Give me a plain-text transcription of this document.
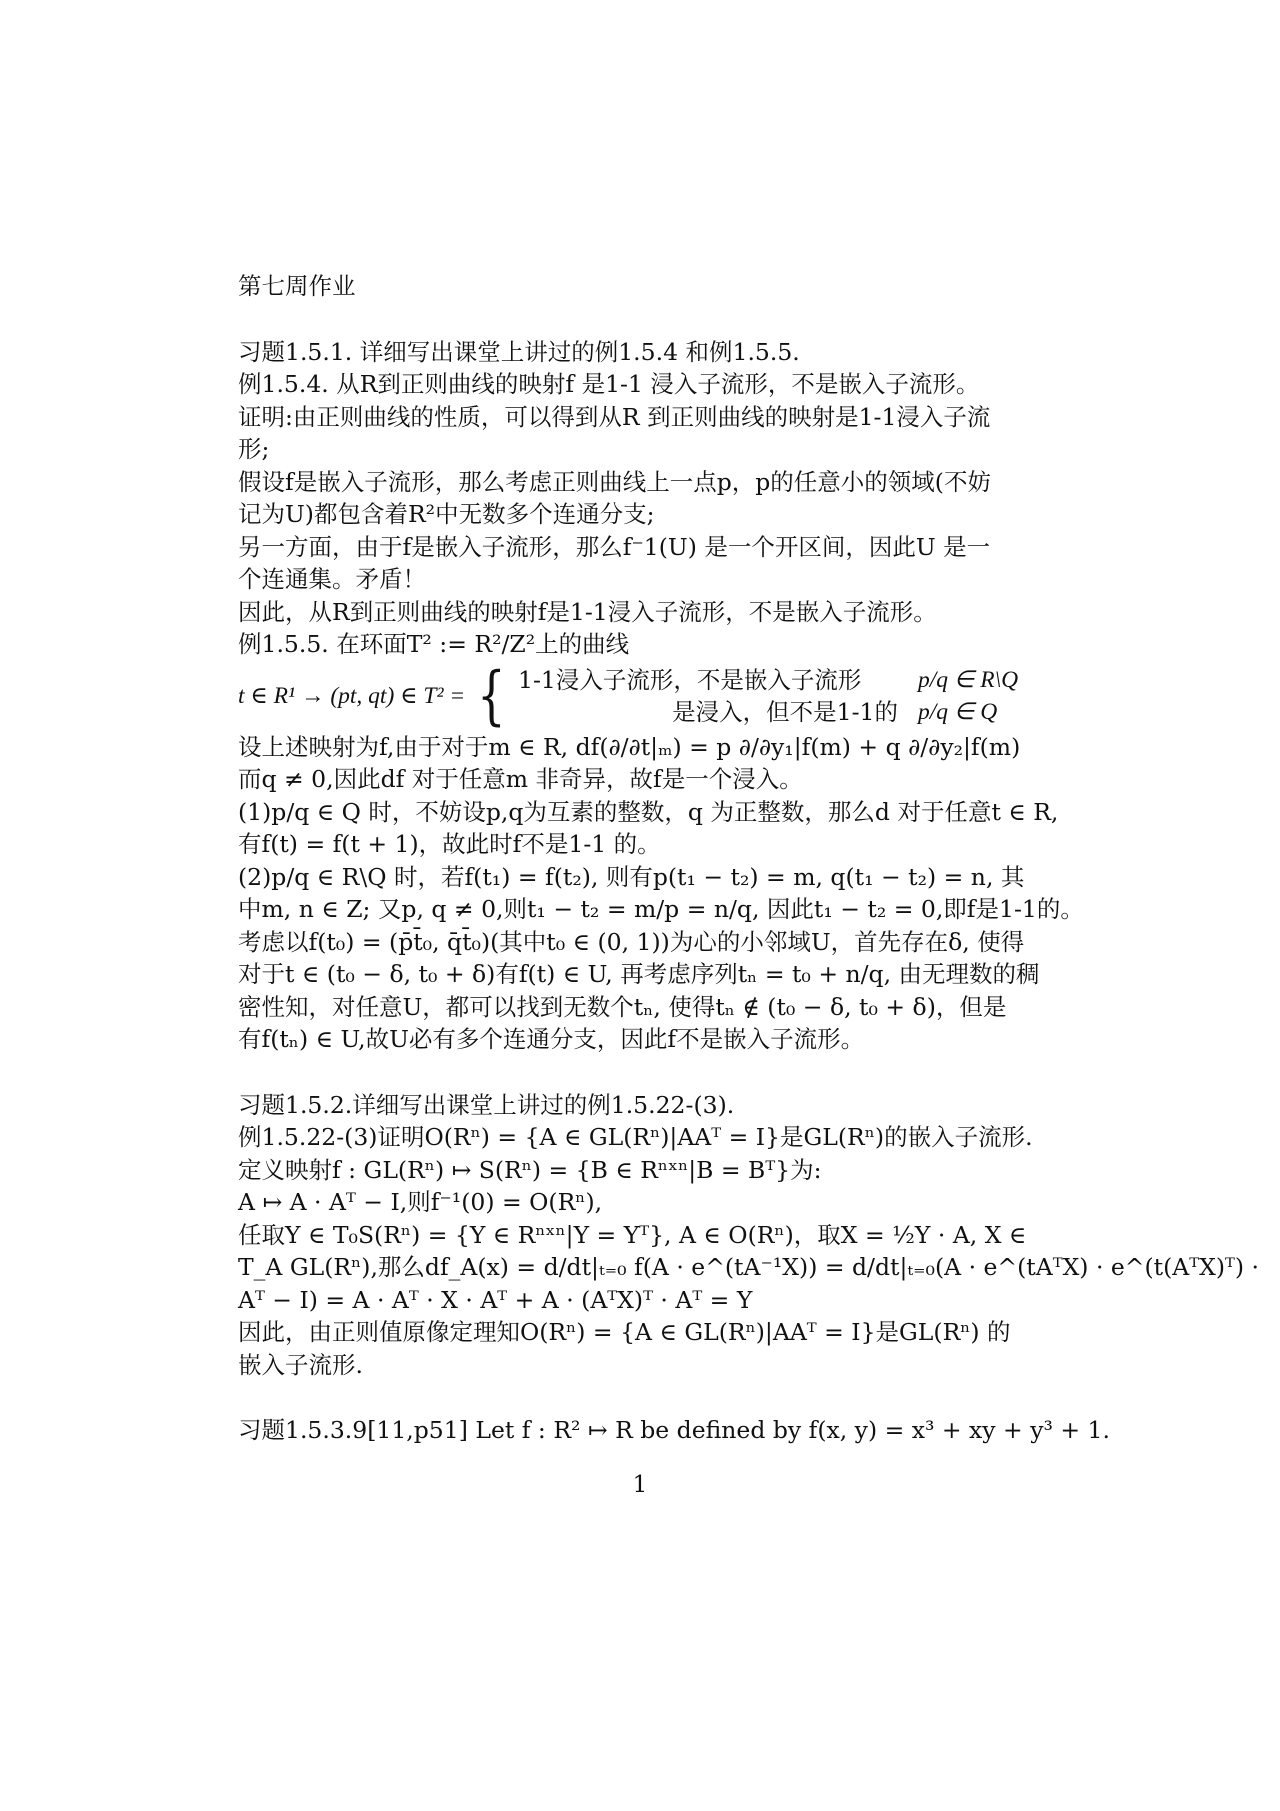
第七周作业
习题1.5.1. 详细写出课堂上讲过的例1.5.4 和例1.5.5.
例1.5.4. 从R到正则曲线的映射f 是1-1 浸入子流形，不是嵌入子流形。
证明:由正则曲线的性质，可以得到从R 到正则曲线的映射是1-1浸入子流
形;
假设f是嵌入子流形，那么考虑正则曲线上一点p，p的任意小的领域(不妨
记为U)都包含着R²中无数多个连通分支;
另一方面，由于f是嵌入子流形，那么f⁻1(U) 是一个开区间，因此U 是一
个连通集。矛盾！
因此，从R到正则曲线的映射f是1-1浸入子流形，不是嵌入子流形。
例1.5.5. 在环面T² := R²/Z²上的曲线
t ∈ R¹ → (pt, qt) ∈ T² = { 1-1浸入子流形，不是嵌入子流形	p/q ∈ R\Q
是浸入，但不是1-1的 p/q ∈ Q
设上述映射为f,由于对于m ∈ R, df(∂/∂t|ₘ) = p ∂/∂y₁|f(m) + q ∂/∂y₂|f(m)
而q ≠ 0,因此df 对于任意m 非奇异，故f是一个浸入。
(1)p/q ∈ Q 时，不妨设p,q为互素的整数，q 为正整数，那么d 对于任意t ∈ R,
有f(t) = f(t + 1)，故此时f不是1-1 的。
(2)p/q ∈ R\Q 时，若f(t₁) = f(t₂), 则有p(t₁ − t₂) = m, q(t₁ − t₂) = n, 其
中m, n ∈ Z; 又p, q ≠ 0,则t₁ − t₂ = m/p = n/q, 因此t₁ − t₂ = 0,即f是1-1的。
考虑以f(t₀) = (p̄t̄₀, q̄t̄₀)(其中t₀ ∈ (0, 1))为心的小邻域U，首先存在δ, 使得
对于t ∈ (t₀ − δ, t₀ + δ)有f(t) ∈ U, 再考虑序列tₙ = t₀ + n/q, 由无理数的稠
密性知，对任意U，都可以找到无数个tₙ, 使得tₙ ∉ (t₀ − δ, t₀ + δ)，但是
有f(tₙ) ∈ U,故U必有多个连通分支，因此f不是嵌入子流形。
习题1.5.2.详细写出课堂上讲过的例1.5.22-(3).
例1.5.22-(3)证明O(Rⁿ) = {A ∈ GL(Rⁿ)|AAᵀ = I}是GL(Rⁿ)的嵌入子流形.
定义映射f : GL(Rⁿ) ↦ S(Rⁿ) = {B ∈ Rⁿˣⁿ|B = Bᵀ}为:
A ↦ A · Aᵀ − I,则f⁻¹(0) = O(Rⁿ),
任取Y ∈ T₀S(Rⁿ) = {Y ∈ Rⁿˣⁿ|Y = Yᵀ}, A ∈ O(Rⁿ)，取X = ½Y · A, X ∈
T_A GL(Rⁿ),那么df_A(x) = d/dt|ₜ₌₀ f(A · e^(tA⁻¹X)) = d/dt|ₜ₌₀(A · e^(tAᵀX) · e^(t(AᵀX)ᵀ) ·
Aᵀ − I) = A · Aᵀ · X · Aᵀ + A · (AᵀX)ᵀ · Aᵀ = Y
因此，由正则值原像定理知O(Rⁿ) = {A ∈ GL(Rⁿ)|AAᵀ = I}是GL(Rⁿ) 的
嵌入子流形.
习题1.5.3.9[11,p51] Let f : R² ↦ R be defined by f(x, y) = x³ + xy + y³ + 1.
1
